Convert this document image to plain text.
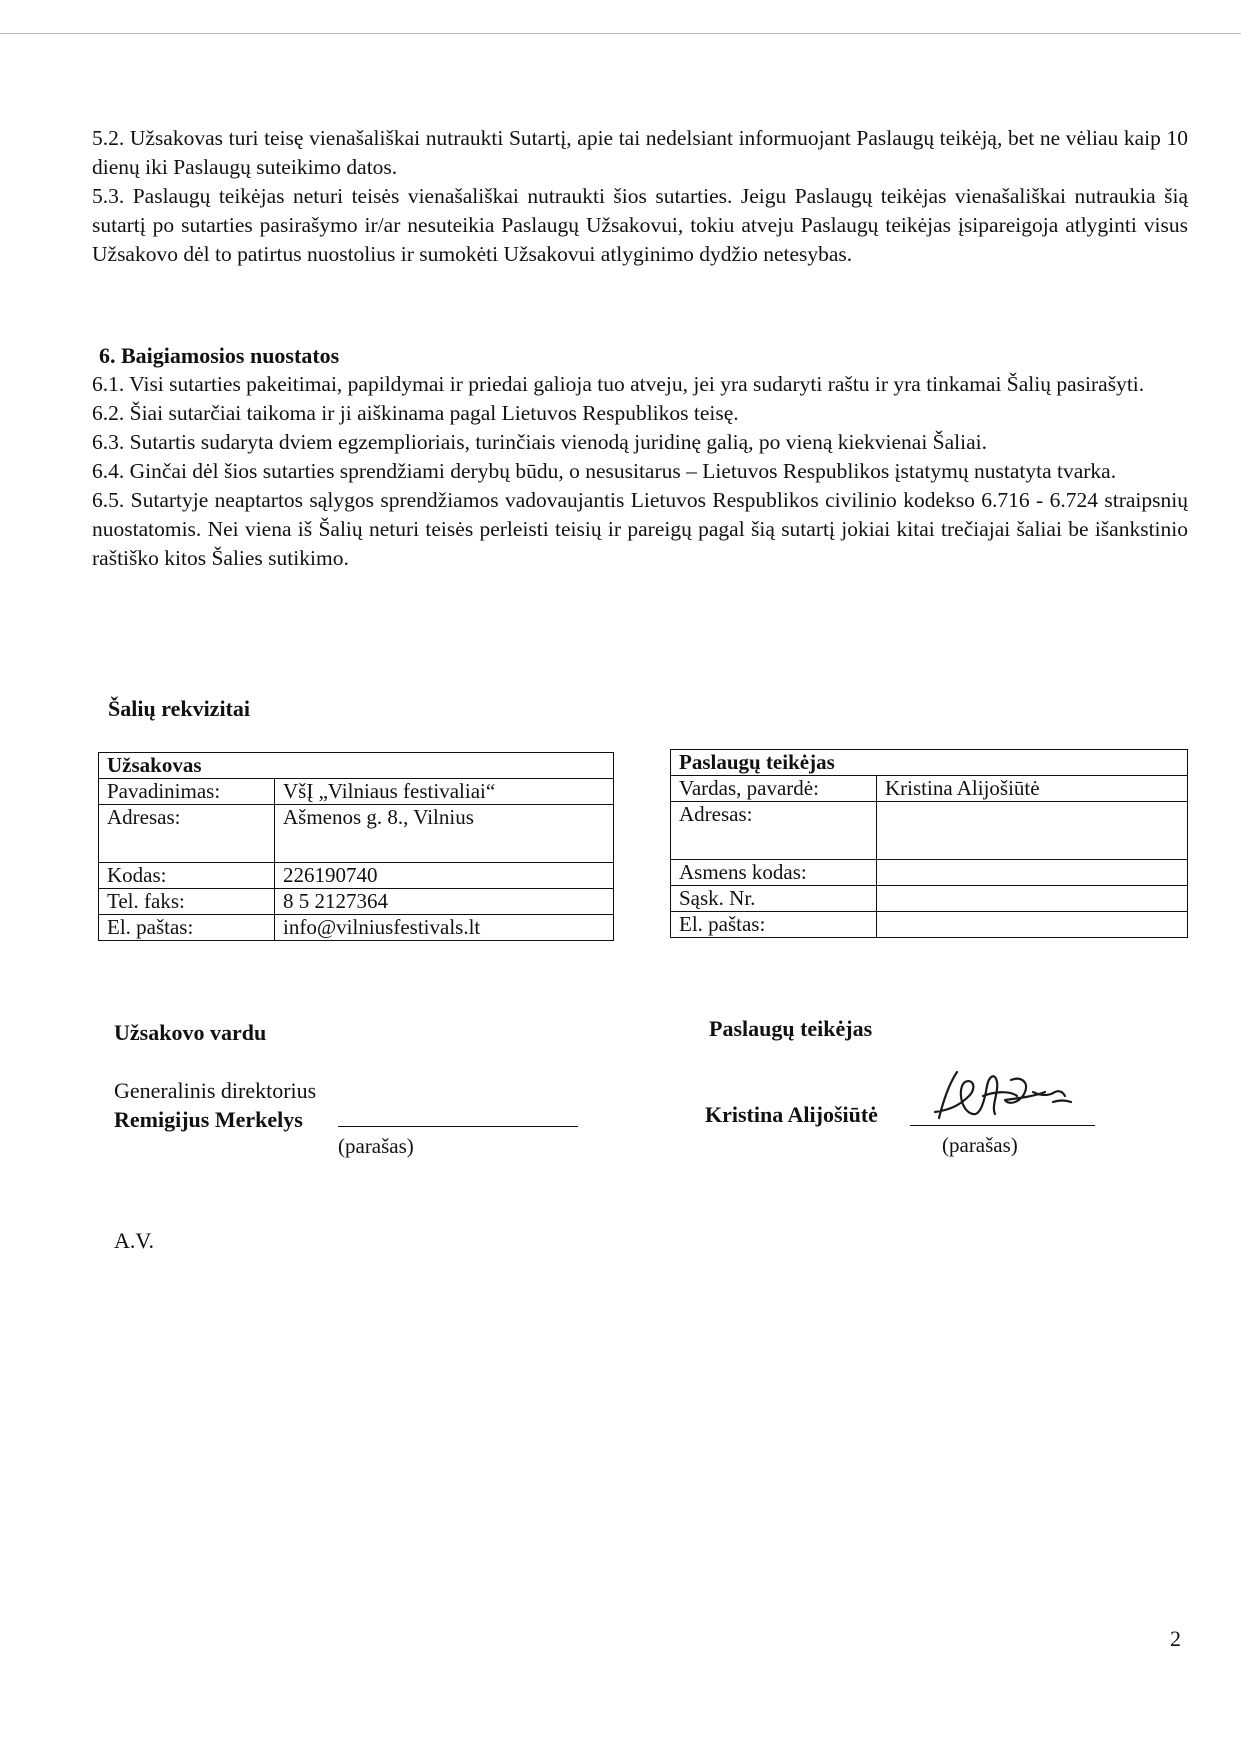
5.2. Užsakovas turi teisę vienašališkai nutraukti Sutartį, apie tai nedelsiant informuojant Paslaugų teikėją, bet ne vėliau kaip 10 dienų iki Paslaugų suteikimo datos.

5.3. Paslaugų teikėjas neturi teisės vienašališkai nutraukti šios sutarties. Jeigu Paslaugų teikėjas vienašališkai nutraukia šią sutartį po sutarties pasirašymo ir/ar nesuteikia Paslaugų Užsakovui, tokiu atveju Paslaugų teikėjas įsipareigoja atlyginti visus Užsakovo dėl to patirtus nuostolius ir sumokėti Užsakovui atlyginimo dydžio netesybas.

6. Baigiamosios nuostatos

6.1. Visi sutarties pakeitimai, papildymai ir priedai galioja tuo atveju, jei yra sudaryti raštu ir yra tinkamai Šalių pasirašyti.

6.2. Šiai sutarčiai taikoma ir ji aiškinama pagal Lietuvos Respublikos teisę.

6.3. Sutartis sudaryta dviem egzemplioriais, turinčiais vienodą juridinę galią, po vieną kiekvienai Šaliai.

6.4. Ginčai dėl šios sutarties sprendžiami derybų būdu, o nesusitarus – Lietuvos Respublikos įstatymų nustatyta tvarka.

6.5. Sutartyje neaptartos sąlygos sprendžiamos vadovaujantis Lietuvos Respublikos civilinio kodekso 6.716 - 6.724 straipsnių nuostatomis. Nei viena iš Šalių neturi teisės perleisti teisių ir pareigų pagal šią sutartį jokiai kitai trečiajai šaliai be išankstinio raštiško kitos Šalies sutikimo.

Šalių rekvizitai
Užsakovas	
Pavadinimas:	VšĮ „Vilniaus festivaliai“
Adresas:	Ašmenos g. 8., Vilnius
Kodas:	226190740
Tel. faks:	8 5 2127364
El. paštas:	info@vilniusfestivals.lt
Paslaugų teikėjas	
Vardas, pavardė:	Kristina Alijošiūtė
Adresas:	
Asmens kodas:	
Sąsk. Nr.	
El. paštas:	
Užsakovo vardu
Generalinis direktorius
Remigijus Merkelys
(parašas)
Paslaugų teikėjas
Kristina Alijošiūtė
(parašas)
A.V.
2
